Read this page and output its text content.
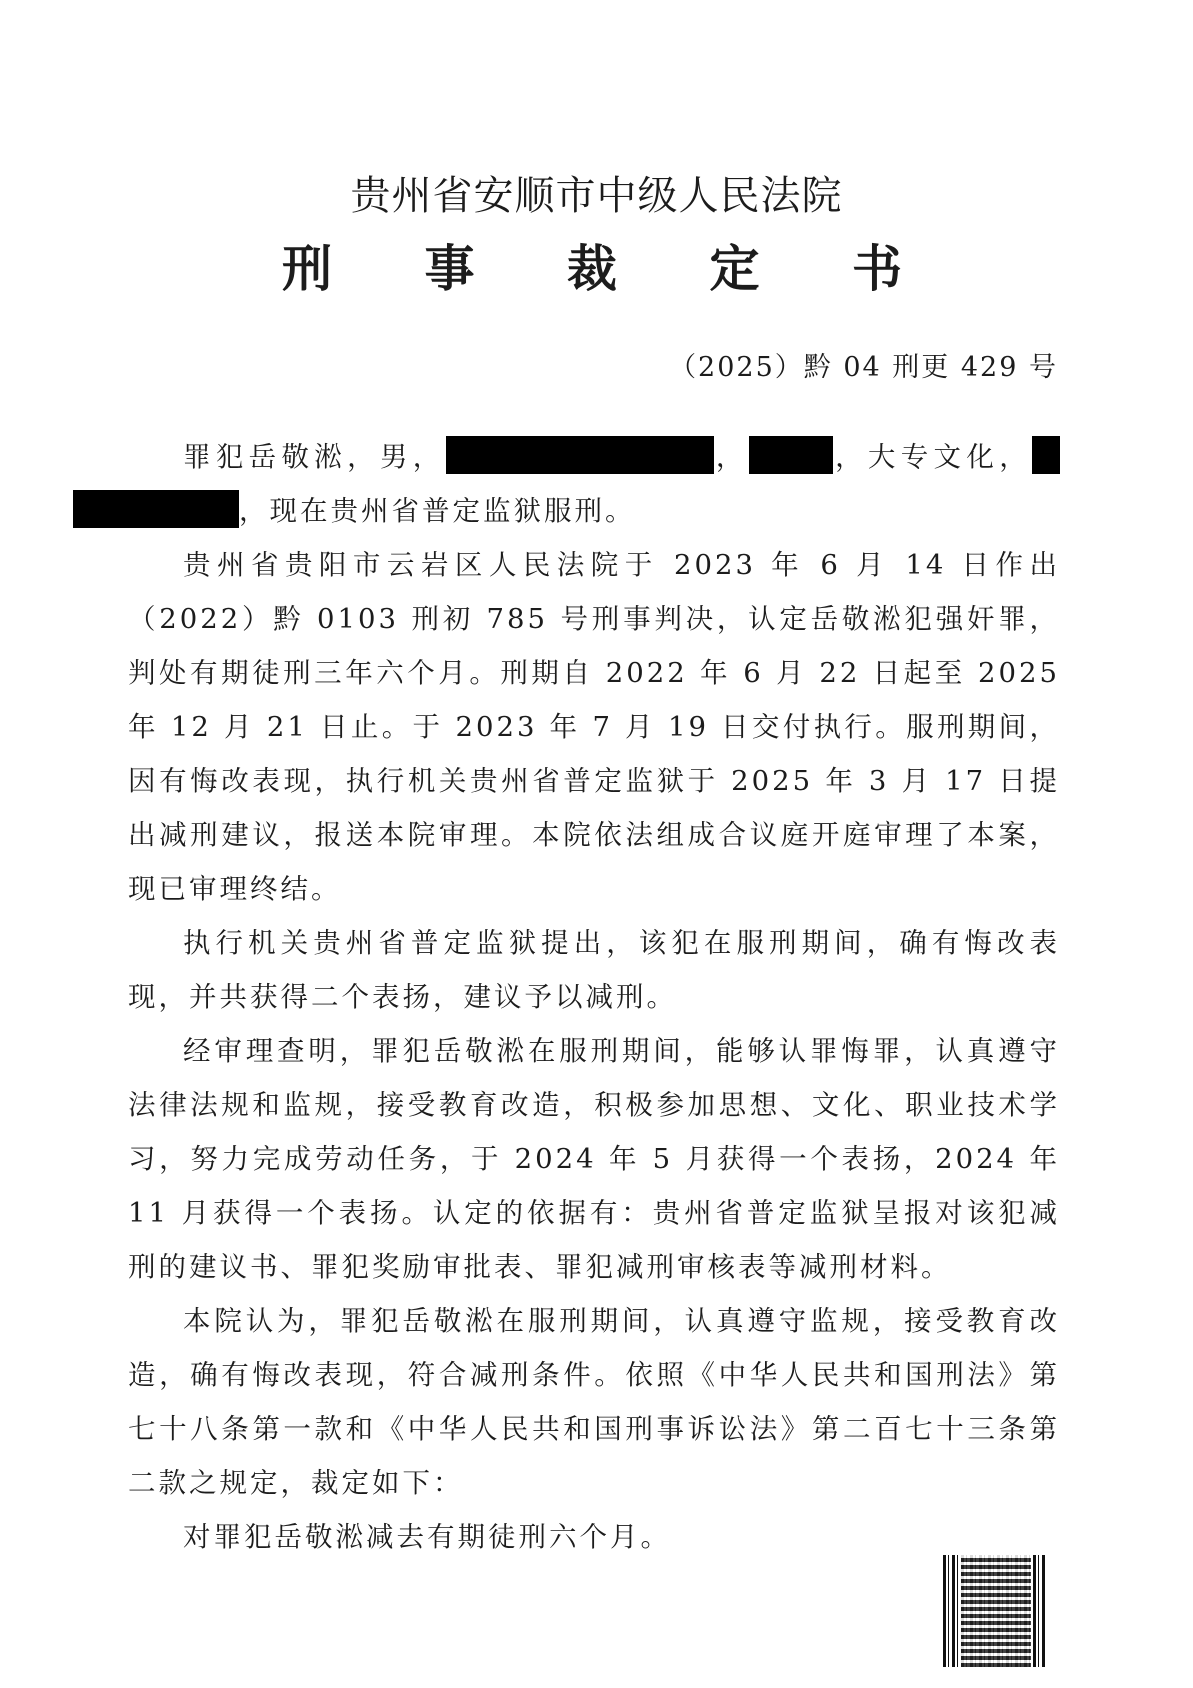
贵州省安顺市中级人民法院
刑 事 裁 定 书
（2025）黔 04 刑更 429 号

罪犯岳敬淞，男，	，	，大专文化，，现在贵州省普定监狱服刑。

贵州省贵阳市云岩区人民法院于 2023 年 6 月 14 日作出（2022）黔 0103 刑初 785 号刑事判决，认定岳敬淞犯强奸罪，判处有期徒刑三年六个月。刑期自 2022 年 6 月 22 日起至 2025 年 12 月 21 日止。于 2023 年 7 月 19 日交付执行。服刑期间，因有悔改表现，执行机关贵州省普定监狱于 2025 年 3 月 17 日提出减刑建议，报送本院审理。本院依法组成合议庭开庭审理了本案，现已审理终结。

执行机关贵州省普定监狱提出，该犯在服刑期间，确有悔改表现，并共获得二个表扬，建议予以减刑。

经审理查明，罪犯岳敬淞在服刑期间，能够认罪悔罪，认真遵守法律法规和监规，接受教育改造，积极参加思想、文化、职业技术学习，努力完成劳动任务，于 2024 年 5 月获得一个表扬，2024 年 11 月获得一个表扬。认定的依据有：贵州省普定监狱呈报对该犯减刑的建议书、罪犯奖励审批表、罪犯减刑审核表等减刑材料。

本院认为，罪犯岳敬淞在服刑期间，认真遵守监规，接受教育改造，确有悔改表现，符合减刑条件。依照《中华人民共和国刑法》第七十八条第一款和《中华人民共和国刑事诉讼法》第二百七十三条第二款之规定，裁定如下：

对罪犯岳敬淞减去有期徒刑六个月。
